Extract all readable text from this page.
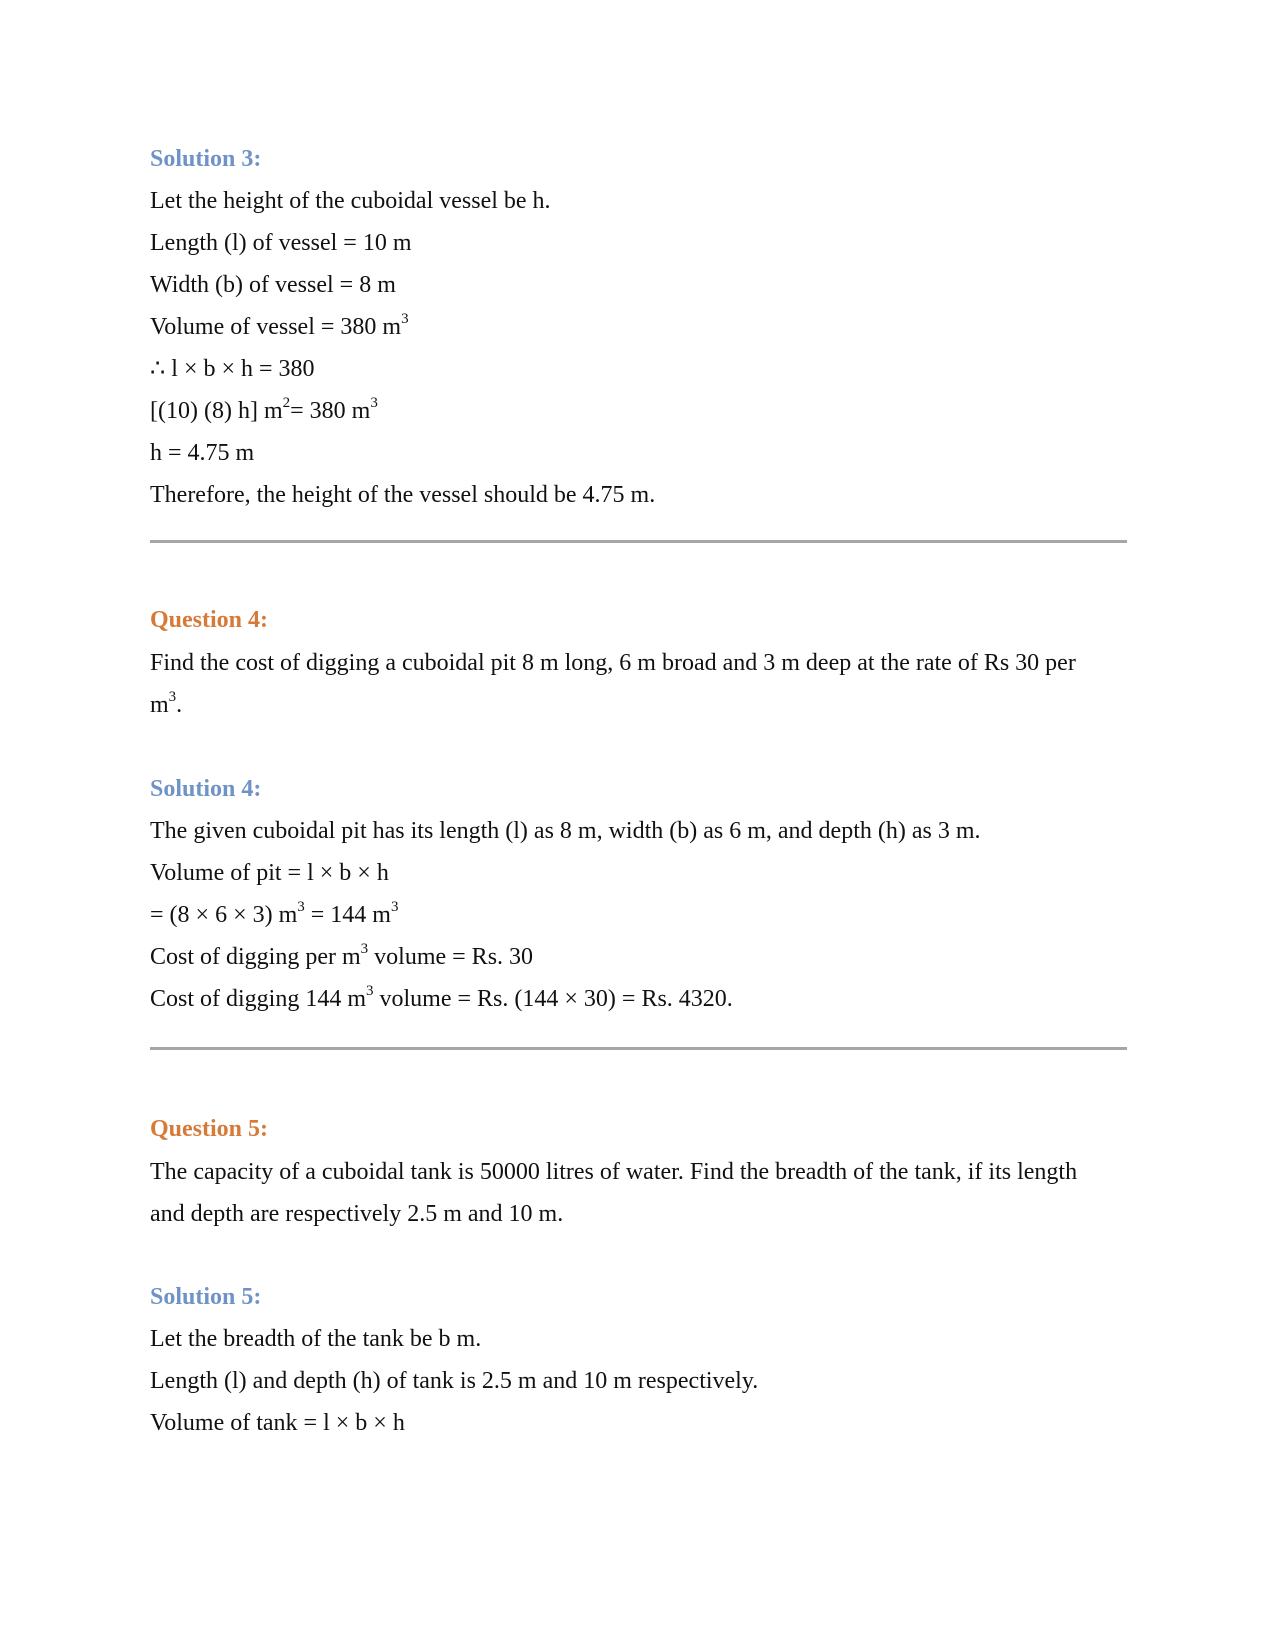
Solution 3:
Let the height of the cuboidal vessel be h.
Length (l) of vessel = 10 m
Width (b) of vessel = 8 m
Volume of vessel = 380 $m^3$
∴ l × b × h = 380
[(10) (8) h] $m^2= 380$ $m^3$
h = 4.75 m
Therefore, the height of the vessel should be 4.75 m.
Question 4:
Find the cost of digging a cuboidal pit 8 m long, 6 m broad and 3 m deep at the rate of Rs 30 per
$m^3$.
Solution 4:
The given cuboidal pit has its length (l) as 8 m, width (b) as 6 m, and depth (h) as 3 m.
Volume of pit = l × b × h
= (8 × 6 × 3) $m^3 = 144$ $m^3$
Cost of digging per $m^3$ volume = Rs. 30
Cost of digging 144 $m^3$ volume = Rs. (144 × 30) = Rs. 4320.
Question 5:
The capacity of a cuboidal tank is 50000 litres of water. Find the breadth of the tank, if its length
and depth are respectively 2.5 m and 10 m.
Solution 5:
Let the breadth of the tank be b m.
Length (l) and depth (h) of tank is 2.5 m and 10 m respectively.
Volume of tank = l × b × h
